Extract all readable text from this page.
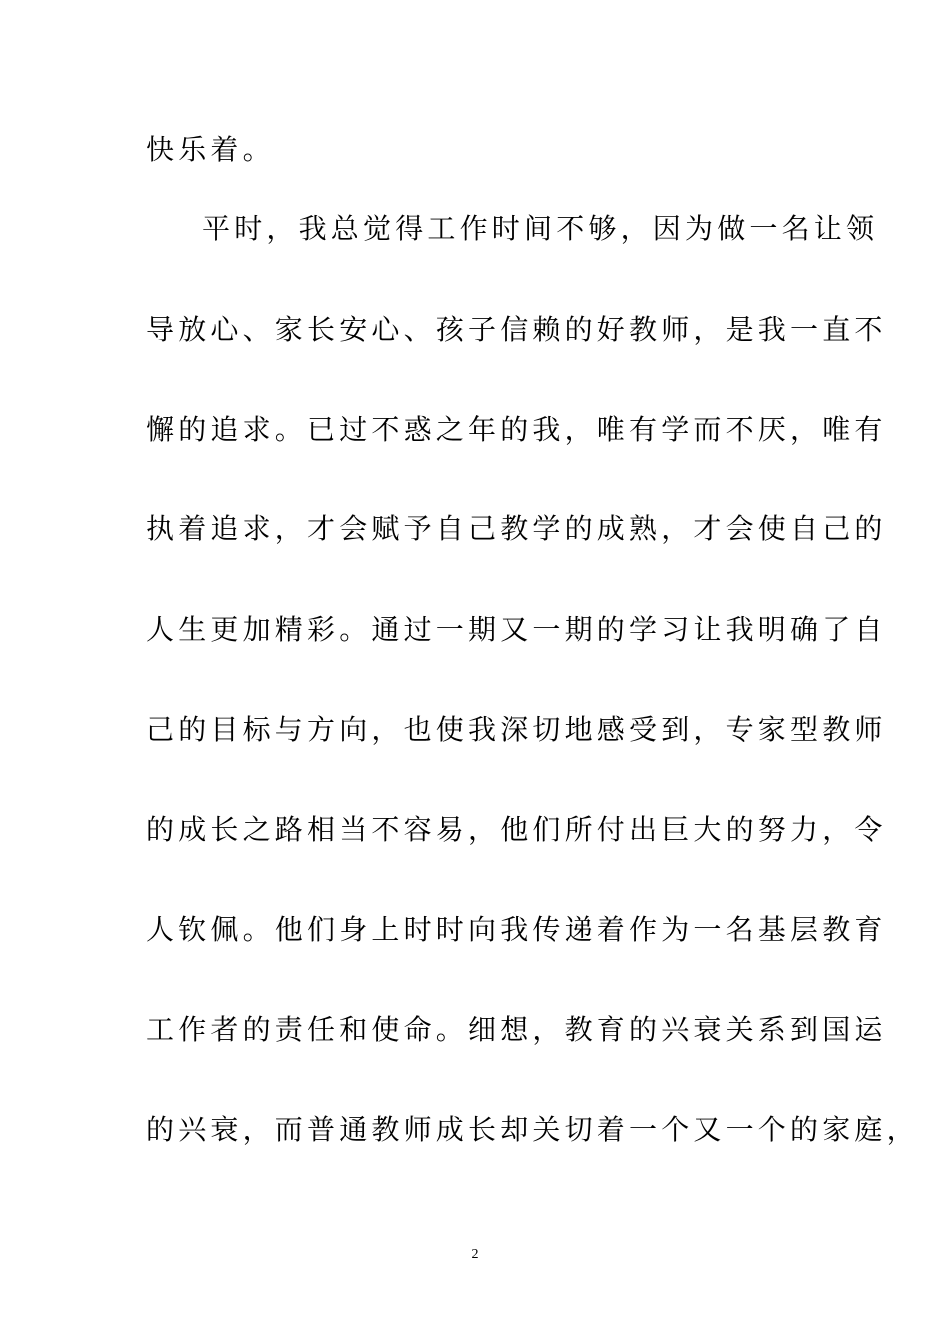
快乐着。
平时，我总觉得工作时间不够，因为做一名让领
导放心、家长安心、孩子信赖的好教师，是我一直不
懈的追求。已过不惑之年的我，唯有学而不厌，唯有
执着追求，才会赋予自己教学的成熟，才会使自己的
人生更加精彩。通过一期又一期的学习让我明确了自
己的目标与方向，也使我深切地感受到，专家型教师
的成长之路相当不容易，他们所付出巨大的努力，令
人钦佩。他们身上时时向我传递着作为一名基层教育
工作者的责任和使命。细想，教育的兴衰关系到国运
的兴衰，而普通教师成长却关切着一个又一个的家庭，
2
